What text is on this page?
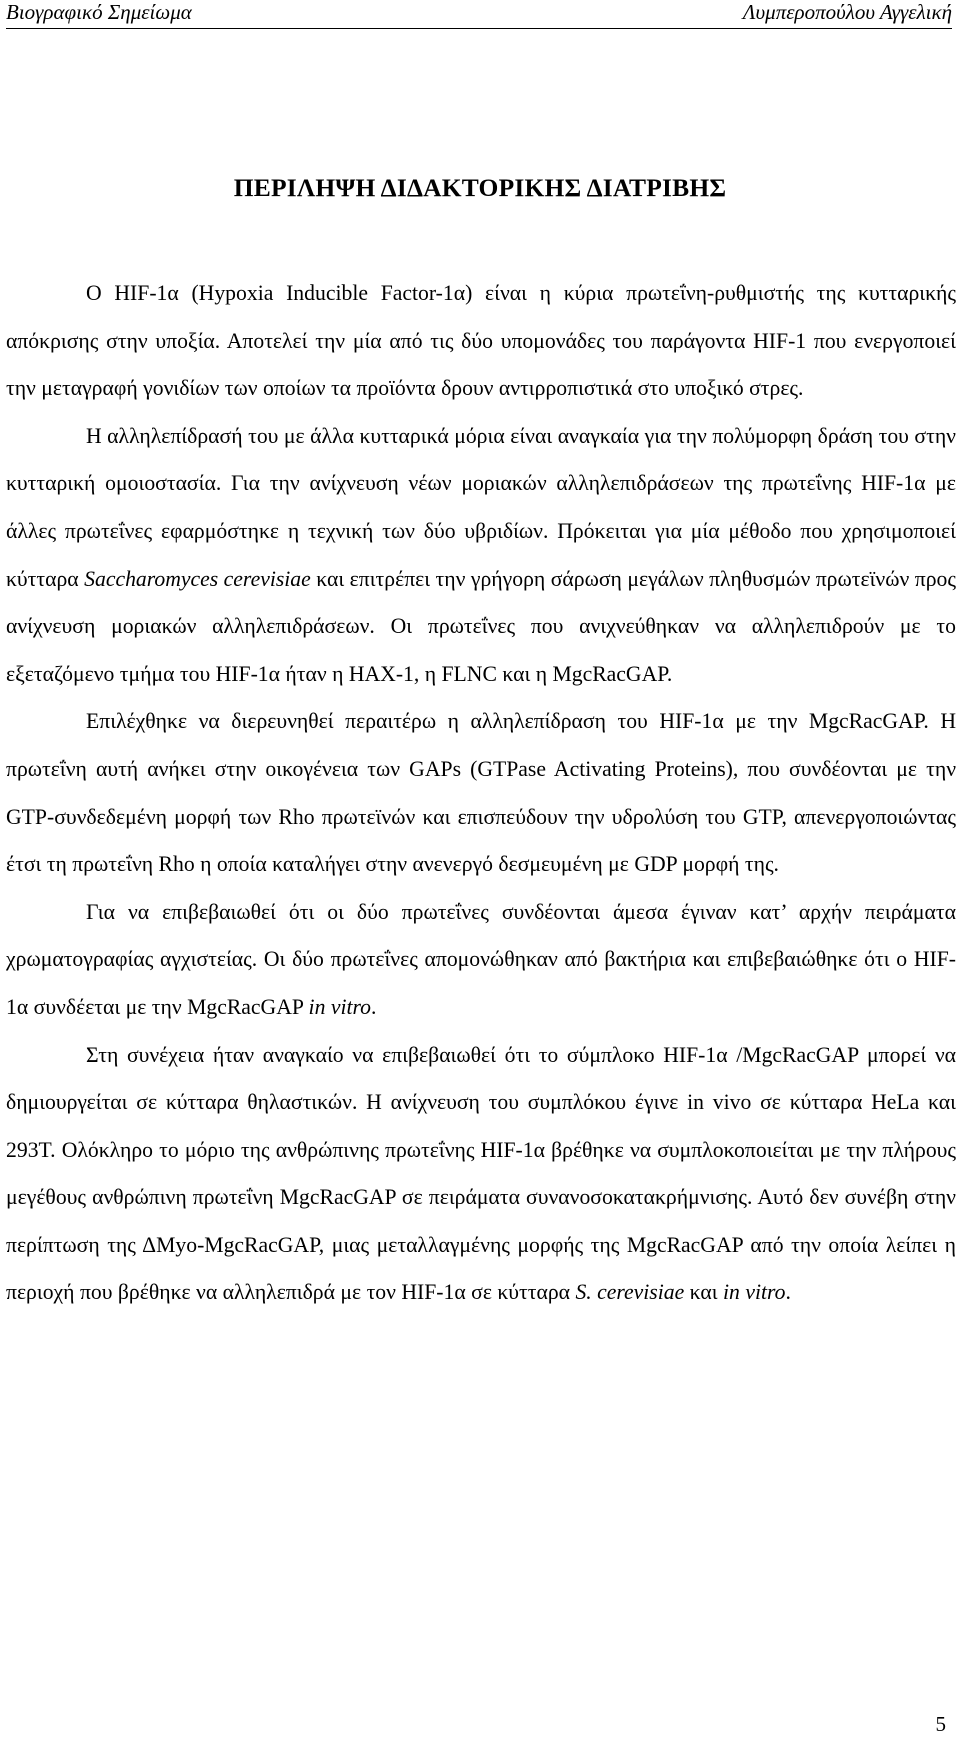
Βιογραφικό Σημείωμα	Λυμπεροπούλου Αγγελική
ΠΕΡΙΛΗΨΗ ΔΙΔΑΚΤΟΡΙΚΗΣ ΔΙΑΤΡΙΒΗΣ

Ο HIF-1α (Hypoxia Inducible Factor-1α) είναι η κύρια πρωτεΐνη-ρυθμιστής της κυτταρικής απόκρισης στην υποξία. Αποτελεί την μία από τις δύο υπομονάδες του παράγοντα HIF-1 που ενεργοποιεί την μεταγραφή γονιδίων των οποίων τα προϊόντα δρουν αντιρροπιστικά στο υποξικό στρες.

Η αλληλεπίδρασή του με άλλα κυτταρικά μόρια είναι αναγκαία για την πολύμορφη δράση του στην κυτταρική ομοιοστασία. Για την ανίχνευση νέων μοριακών αλληλεπιδράσεων της πρωτεΐνης HIF-1α με άλλες πρωτεΐνες εφαρμόστηκε η τεχνική των δύο υβριδίων. Πρόκειται για μία μέθοδο που χρησιμοποιεί κύτταρα Saccharomyces cerevisiae και επιτρέπει την γρήγορη σάρωση μεγάλων πληθυσμών πρωτεϊνών προς ανίχνευση μοριακών αλληλεπιδράσεων. Οι πρωτεΐνες που ανιχνεύθηκαν να αλληλεπιδρούν με το εξεταζόμενο τμήμα του HIF-1α ήταν η HAX-1, η FLNC και η MgcRacGAP.

Επιλέχθηκε να διερευνηθεί περαιτέρω η αλληλεπίδραση του HIF-1α με την MgcRacGAP. Η πρωτεΐνη αυτή ανήκει στην οικογένεια των GAPs (GTPase Activating Proteins), που συνδέονται με την GTP-συνδεδεμένη μορφή των Rho πρωτεϊνών και επισπεύδουν την υδρολύση του GTP, απενεργοποιώντας έτσι τη πρωτεΐνη Rho η οποία καταλήγει στην ανενεργό δεσμευμένη με GDP μορφή της.

Για να επιβεβαιωθεί ότι οι δύο πρωτεΐνες συνδέονται άμεσα έγιναν κατ’ αρχήν πειράματα χρωματογραφίας αγχιστείας. Οι δύο πρωτεΐνες απομονώθηκαν από βακτήρια και επιβεβαιώθηκε ότι ο HIF-1α συνδέεται με την MgcRacGAP in vitro.

Στη συνέχεια ήταν αναγκαίο να επιβεβαιωθεί ότι το σύμπλοκο HIF-1α /MgcRacGAP μπορεί να δημιουργείται σε κύτταρα θηλαστικών. Η ανίχνευση του συμπλόκου έγινε in vivo σε κύτταρα HeLa και 293T. Ολόκληρο το μόριο της ανθρώπινης πρωτεΐνης HIF-1α βρέθηκε να συμπλοκοποιείται με την πλήρους μεγέθους ανθρώπινη πρωτεΐνη MgcRacGAP σε πειράματα συνανοσοκατακρήμνισης. Αυτό δεν συνέβη στην περίπτωση της ΔMyo-MgcRacGAP, μιας μεταλλαγμένης μορφής της MgcRacGAP από την οποία λείπει η περιοχή που βρέθηκε να αλληλεπιδρά με τον HIF-1α σε κύτταρα S. cerevisiae και in vitro.

5
